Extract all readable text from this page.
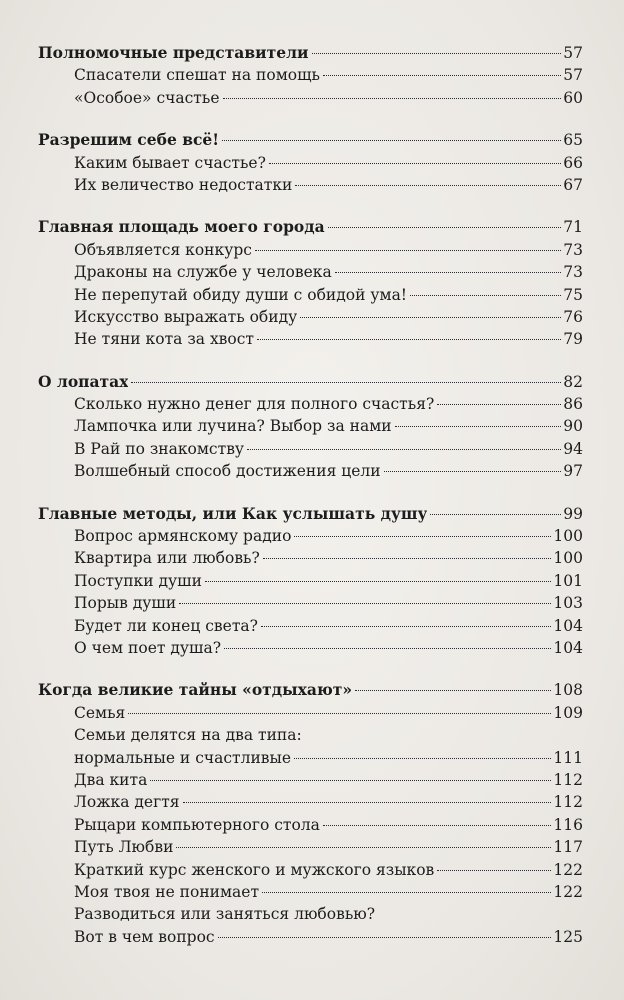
Полномочные представители	57
Спасатели спешат на помощь	57
«Особое» счастье	60
Разрешим себе всё!	65
Каким бывает счастье?	66
Их величество недостатки	67
Главная площадь моего города	71
Объявляется конкурс	73
Драконы на службе у человека	73
Не перепутай обиду души с обидой ума!	75
Искусство выражать обиду	76
Не тяни кота за хвост	79
О лопатах	82
Сколько нужно денег для полного счастья?	86
Лампочка или лучина? Выбор за нами	90
В Рай по знакомству	94
Волшебный способ достижения цели	97
Главные методы, или Как услышать душу	99
Вопрос армянскому радио	100
Квартира или любовь?	100
Поступки души	101
Порыв души	103
Будет ли конец света?	104
О чем поет душа?	104
Когда великие тайны «отдыхают»	108
Семья	109
Семьи делятся на два типа:
нормальные и счастливые	111
Два кита	112
Ложка дегтя	112
Рыцари компьютерного стола	116
Путь Любви	117
Краткий курс женского и мужского языков	122
Моя твоя не понимает	122
Разводиться или заняться любовью?
Вот в чем вопрос	125
